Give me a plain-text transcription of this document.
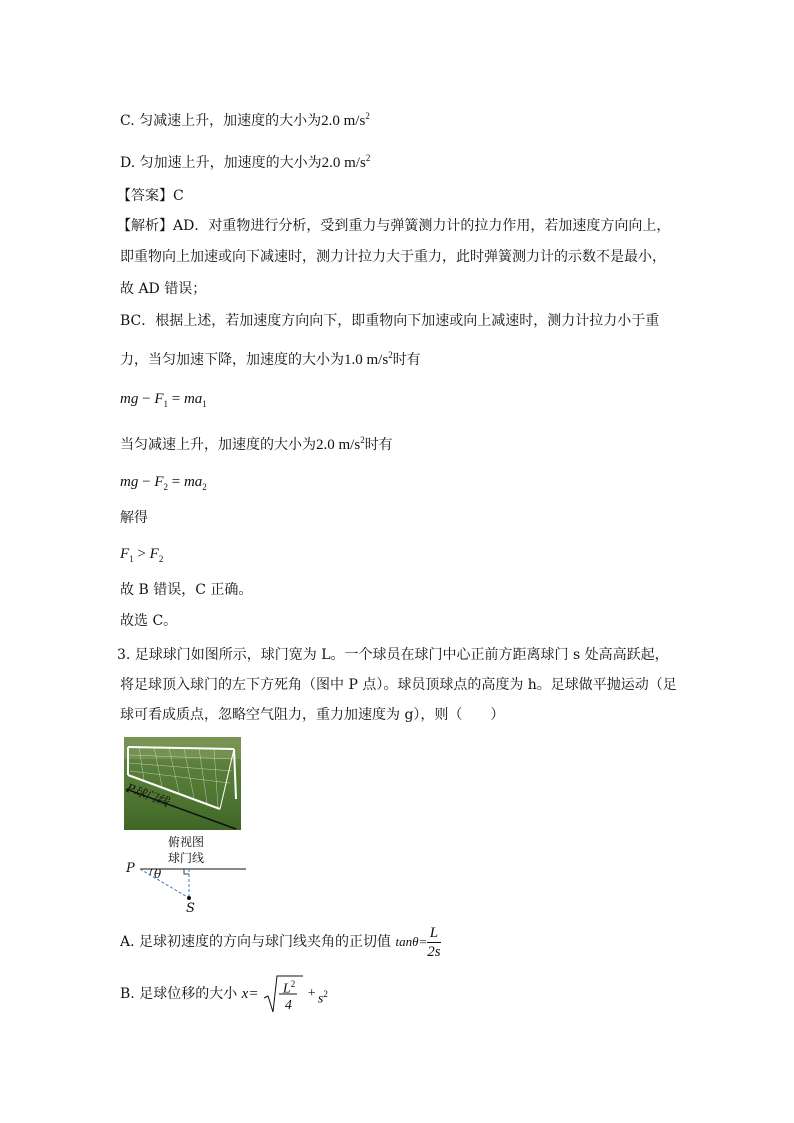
C. 匀减速上升，加速度的大小为2.0 $m/s^2$
D. 匀加速上升，加速度的大小为2.0 $m/s^2$
【答案】C
【解析】AD．对重物进行分析，受到重力与弹簧测力计的拉力作用，若加速度方向向上，
即重物向上加速或向下减速时，测力计拉力大于重力，此时弹簧测力计的示数不是最小，
故 AD 错误；
BC．根据上述，若加速度方向向下，即重物向下加速或向上减速时，测力计拉力小于重
力，当匀加速下降，加速度的大小为1.0 $m/s^2$时有
mg − $F_1 = ma_1$
当匀减速上升，加速度的大小为2.0 $m/s^2$时有
mg − $F_2 = ma_2$
解得
$F_1 > F_2$
故 B 错误，C 正确。
故选 C。
3. 足球球门如图所示，球门宽为 L。一个球员在球门中心正前方距离球门 s 处高高跃起，
将足球顶入球门的左下方死角（图中 P 点）。球员顶球点的高度为 h。足球做平抛运动（足
球可看成质点，忽略空气阻力，重力加速度为 g），则（　　）
P球门线
俯视图
球门线
P θ
S
A. 足球初速度的方向与球门线夹角的正切值 $\tan\theta= \frac{L}{2s}$
B. 足球位移的大小 $x= L^2$
4
+ $s^2$
